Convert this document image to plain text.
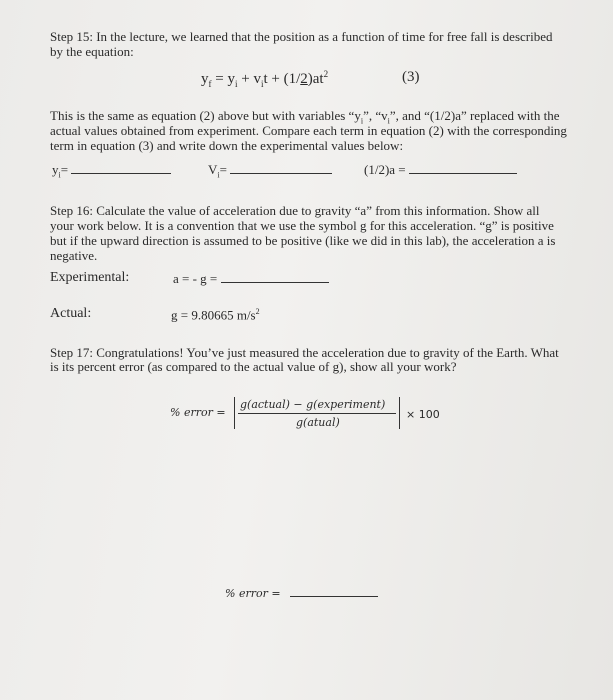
Step 15: In the lecture, we learned that the position as a function of time for free fall is described
by the equation:
$y_f = y_i + v_it + (1/2)at^2$	(3)
This is the same as equation (2) above but with variables “$y_i$”, “$v_i$”, and “(1/2)a” replaced with the
actual values obtained from experiment. Compare each term in equation (2) with the corresponding
term in equation (3) and write down the experimental values below:
$y_i=$	$V_i=$	(1/2)a =
Step 16: Calculate the value of acceleration due to gravity “a” from this information. Show all
your work below. It is a convention that we use the symbol g for this acceleration. “g” is positive
but if the upward direction is assumed to be positive (like we did in this lab), the acceleration a is
negative.
Experimental:	a = - g =
Actual:	g = 9.80665 $m/s^2$
Step 17: Congratulations! You’ve just measured the acceleration due to gravity of the Earth. What
is its percent error (as compared to the actual value of g), show all your work?
% error =
g(actual) − g(experiment)
g(atual)
× 100
% error =
